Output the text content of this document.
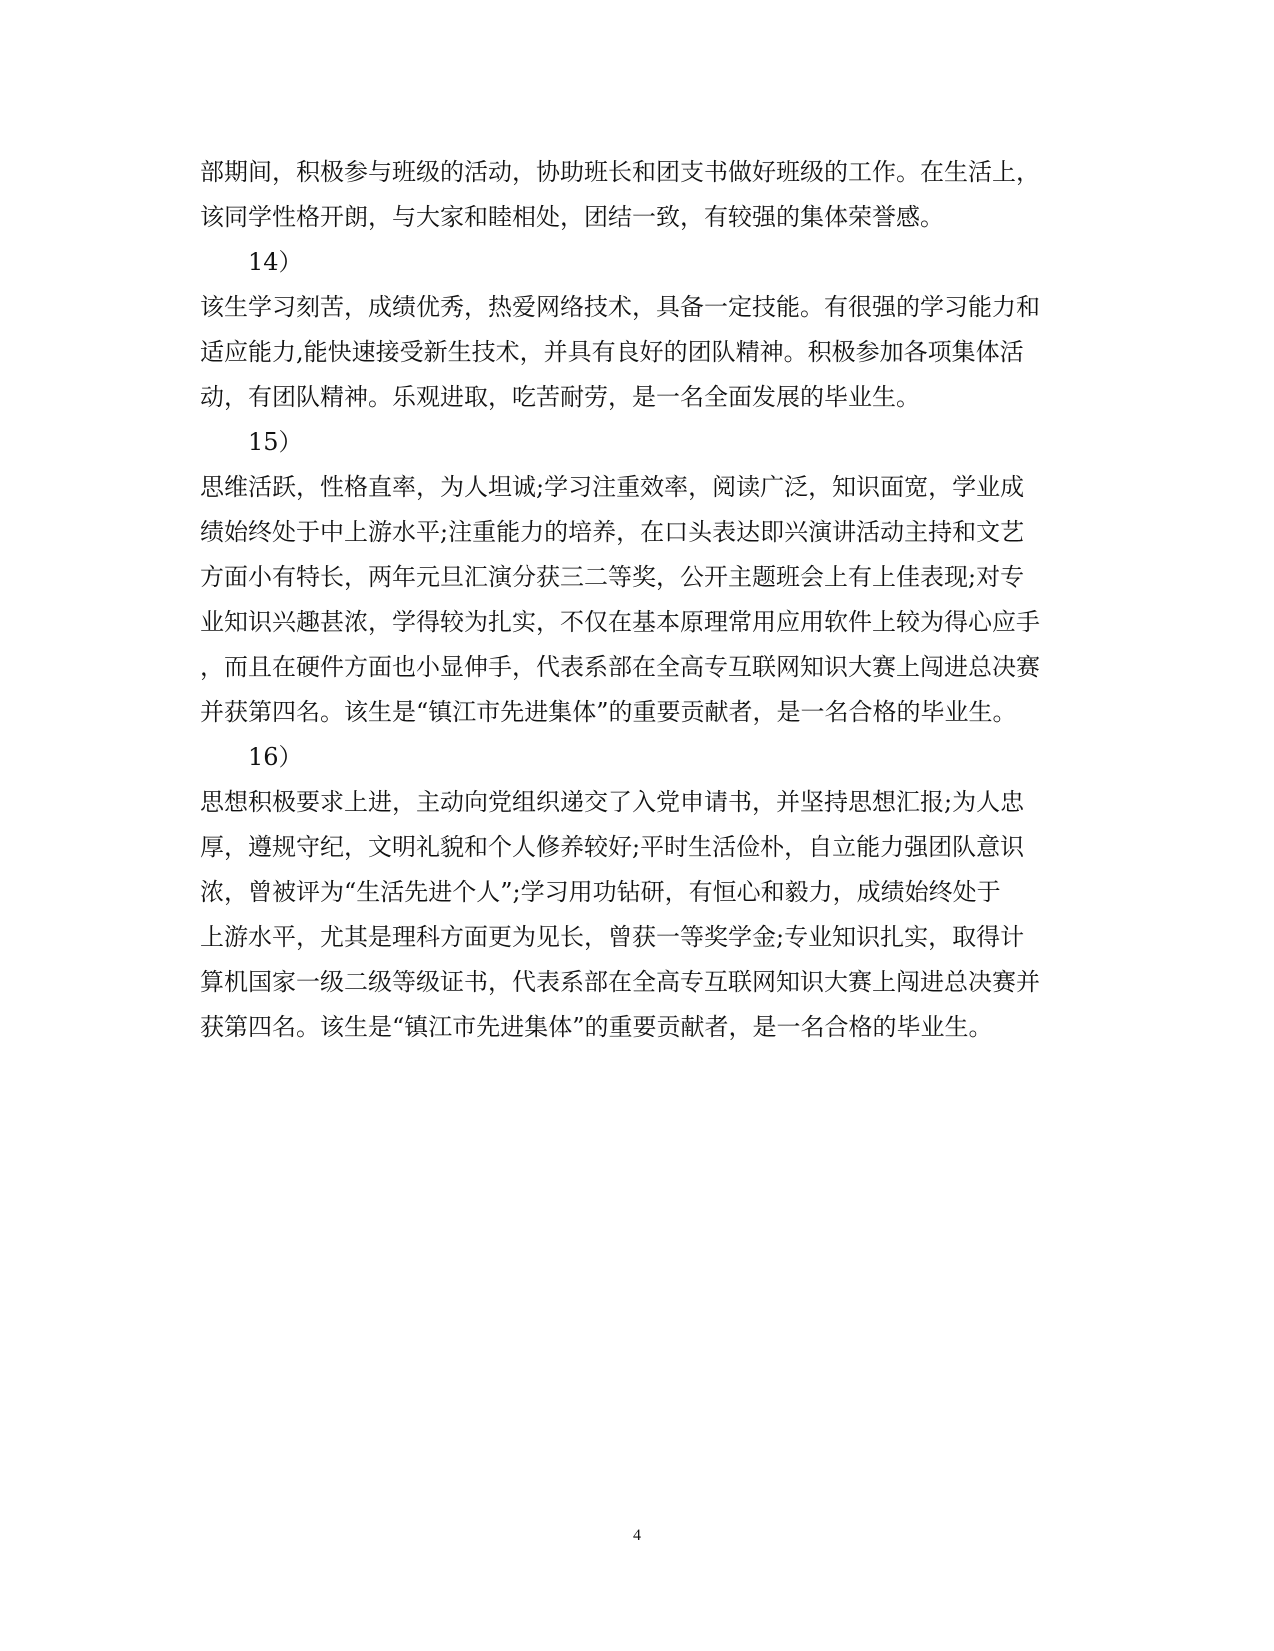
部期间，积极参与班级的活动，协助班长和团支书做好班级的工作。在生活上，
该同学性格开朗，与大家和睦相处，团结一致，有较强的集体荣誉感。
14）
该生学习刻苦，成绩优秀，热爱网络技术，具备一定技能。有很强的学习能力和
适应能力,能快速接受新生技术，并具有良好的团队精神。积极参加各项集体活
动，有团队精神。乐观进取，吃苦耐劳，是一名全面发展的毕业生。
15）
思维活跃，性格直率，为人坦诚;学习注重效率，阅读广泛，知识面宽，学业成
绩始终处于中上游水平;注重能力的培养，在口头表达即兴演讲活动主持和文艺
方面小有特长，两年元旦汇演分获三二等奖，公开主题班会上有上佳表现;对专
业知识兴趣甚浓，学得较为扎实，不仅在基本原理常用应用软件上较为得心应手
，而且在硬件方面也小显伸手，代表系部在全高专互联网知识大赛上闯进总决赛
并获第四名。该生是“镇江市先进集体”的重要贡献者，是一名合格的毕业生。
16）
思想积极要求上进，主动向党组织递交了入党申请书，并坚持思想汇报;为人忠
厚，遵规守纪，文明礼貌和个人修养较好;平时生活俭朴，自立能力强团队意识
浓，曾被评为“生活先进个人”;学习用功钻研，有恒心和毅力，成绩始终处于
上游水平，尤其是理科方面更为见长，曾获一等奖学金;专业知识扎实，取得计
算机国家一级二级等级证书，代表系部在全高专互联网知识大赛上闯进总决赛并
获第四名。该生是“镇江市先进集体”的重要贡献者，是一名合格的毕业生。
4
